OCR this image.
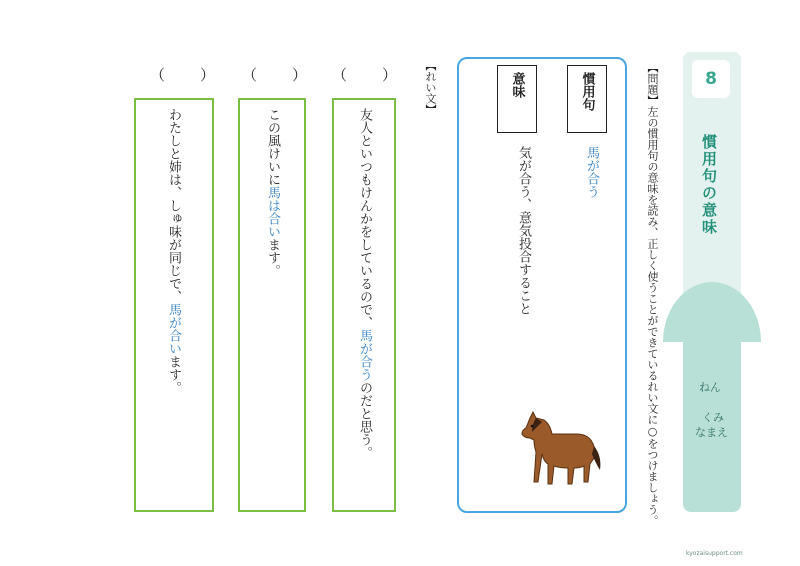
8
慣用句の意味
ねん
くみ
なまえ
kyozaisupport.com
【問題】左の慣用句の意味を読み、正しく使うことができているれい文に○をつけましょう。
慣用句
意味
馬が合う
気が合う、意気投合すること
【れい文】
（　）
（　）
（　）
友人といつもけんかをしているので、馬が合うのだと思う。
この風けいに馬は合います。
わたしと姉は、しゅ味が同じで、馬が合います。
